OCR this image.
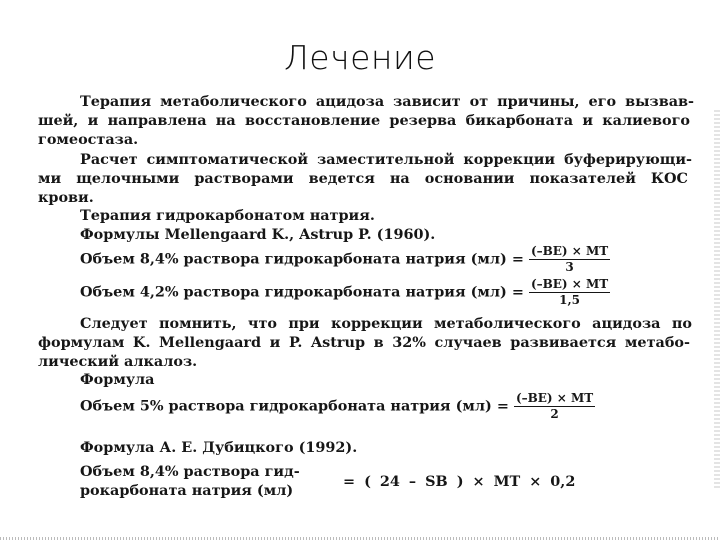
Лечение
Терапия метаболического ацидоза зависит от причины, его вызвав-
шей, и направлена на восстановление резерва бикарбоната и калиевого
гомеостаза.
Расчет симптоматической заместительной коррекции буферирующи-
ми щелочными растворами ведется на основании показателей КОС
крови.
Терапия гидрокарбонатом натрия.
Формулы Mellengaard K., Astrup P. (1960).
Объем 8,4% раствора гидрокарбоната натрия $(мл) = \frac{(-BE) \times МТ}{3}$
Объем 4,2% раствора гидрокарбоната натрия $(мл) = \frac{(-BE) \times МТ}{1,5}$
Следует помнить, что при коррекции метаболического ацидоза по
формулам K. Mellengaard и P. Astrup в 32% случаев развивается метабо-
лический алкалоз.
Формула
Объем 5% раствора гидрокарбоната натрия $(мл) = \frac{(-BE) \times МТ}{2}$
Формула А. Е. Дубицкого (1992).
Объем 8,4% раствора гид-
рокарбоната натрия (мл)
= ( 24 – SB ) × МТ × 0,2
